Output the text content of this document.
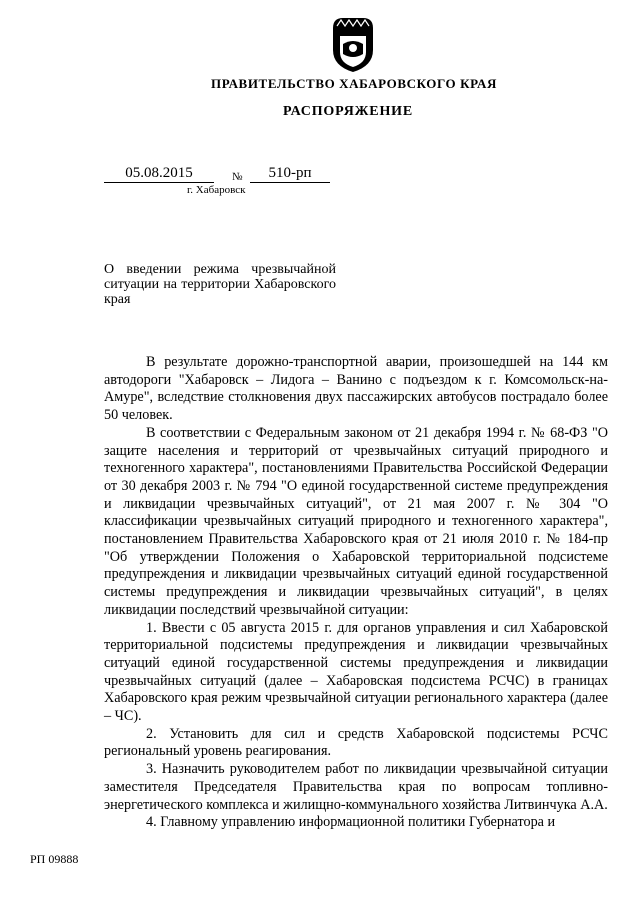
ПРАВИТЕЛЬСТВО ХАБАРОВСКОГО КРАЯ
РАСПОРЯЖЕНИЕ
05.08.2015	№	510-рп
г. Хабаровск
О введении режима чрезвычайной ситуации на территории Хабаровского края

В результате дорожно-транспортной аварии, произошедшей на 144 км автодороги "Хабаровск – Лидога – Ванино с подъездом к г. Комсомольск-на-Амуре", вследствие столкновения двух пассажирских автобусов пострадало более 50 человек.

В соответствии с Федеральным законом от 21 декабря 1994 г. № 68-ФЗ "О защите населения и территорий от чрезвычайных ситуаций природного и техногенного характера", постановлениями Правительства Российской Федерации от 30 декабря 2003 г. № 794 "О единой государственной системе предупреждения и ликвидации чрезвычайных ситуаций", от 21 мая 2007 г. № 304 "О классификации чрезвычайных ситуаций природного и техногенного характера", постановлением Правительства Хабаровского края от 21 июля 2010 г. № 184-пр "Об утверждении Положения о Хабаровской территориальной подсистеме предупреждения и ликвидации чрезвычайных ситуаций единой государственной системы предупреждения и ликвидации чрезвычайных ситуаций", в целях ликвидации последствий чрезвычайной ситуации:

1. Ввести с 05 августа 2015 г. для органов управления и сил Хабаровской территориальной подсистемы предупреждения и ликвидации чрезвычайных ситуаций единой государственной системы предупреждения и ликвидации чрезвычайных ситуаций (далее – Хабаровская подсистема РСЧС) в границах Хабаровского края режим чрезвычайной ситуации регионального характера (далее – ЧС).

2. Установить для сил и средств Хабаровской подсистемы РСЧС региональный уровень реагирования.

3. Назначить руководителем работ по ликвидации чрезвычайной ситуации заместителя Председателя Правительства края по вопросам топливно-энергетического комплекса и жилищно-коммунального хозяйства Литвинчука А.А.

4. Главному управлению информационной политики Губернатора и

РП 09888
